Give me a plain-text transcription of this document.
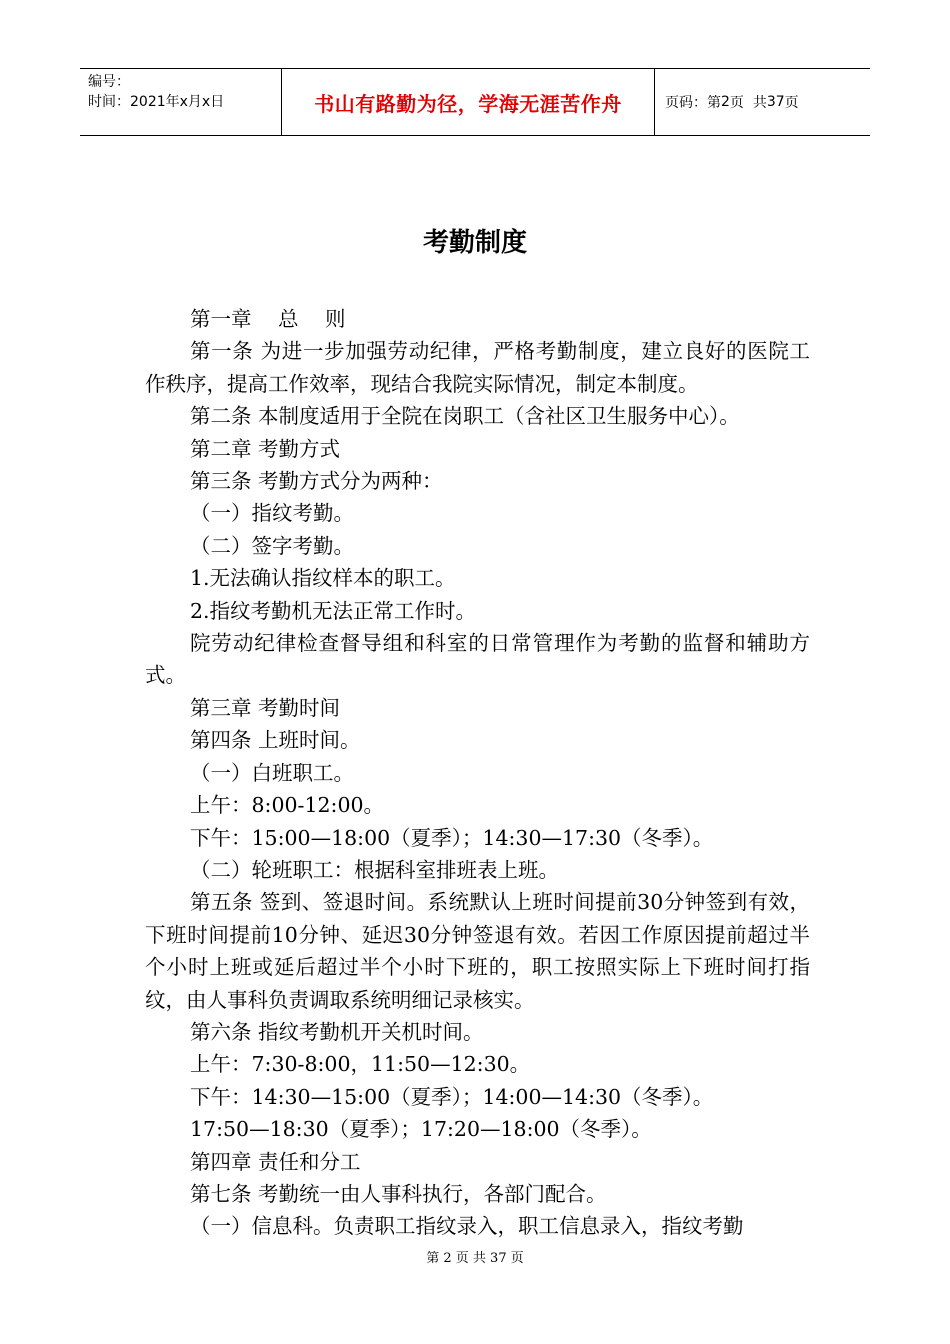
编号：
时间：2021年x月x日	书山有路勤为径，学海无涯苦作舟	页码：第 2 页  共 37 页
考勤制度

第一章 总 则

第一条 为进一步加强劳动纪律，严格考勤制度，建立良好的医院工作秩序，提高工作效率，现结合我院实际情况，制定本制度。

第二条 本制度适用于全院在岗职工（含社区卫生服务中心）。

第二章 考勤方式

第三条 考勤方式分为两种：

（一）指纹考勤。

（二）签字考勤。

1.无法确认指纹样本的职工。

2.指纹考勤机无法正常工作时。

院劳动纪律检查督导组和科室的日常管理作为考勤的监督和辅助方式。

第三章 考勤时间

第四条 上班时间。

（一）白班职工。

上午：8:00-12:00。

下午：15:00—18:00（夏季）；14:30—17:30（冬季）。

（二）轮班职工：根据科室排班表上班。

第五条 签到、签退时间。系统默认上班时间提前30分钟签到有效，下班时间提前10分钟、延迟30分钟签退有效。若因工作原因提前超过半个小时上班或延后超过半个小时下班的，职工按照实际上下班时间打指纹，由人事科负责调取系统明细记录核实。

第六条 指纹考勤机开关机时间。

上午：7:30-8:00，11:50—12:30。

下午：14:30—15:00（夏季）；14:00—14:30（冬季）。

17:50—18:30（夏季）；17:20—18:00（冬季）。

第四章 责任和分工

第七条 考勤统一由人事科执行，各部门配合。

（一）信息科。负责职工指纹录入，职工信息录入，指纹考勤

第 2 页 共 37 页
